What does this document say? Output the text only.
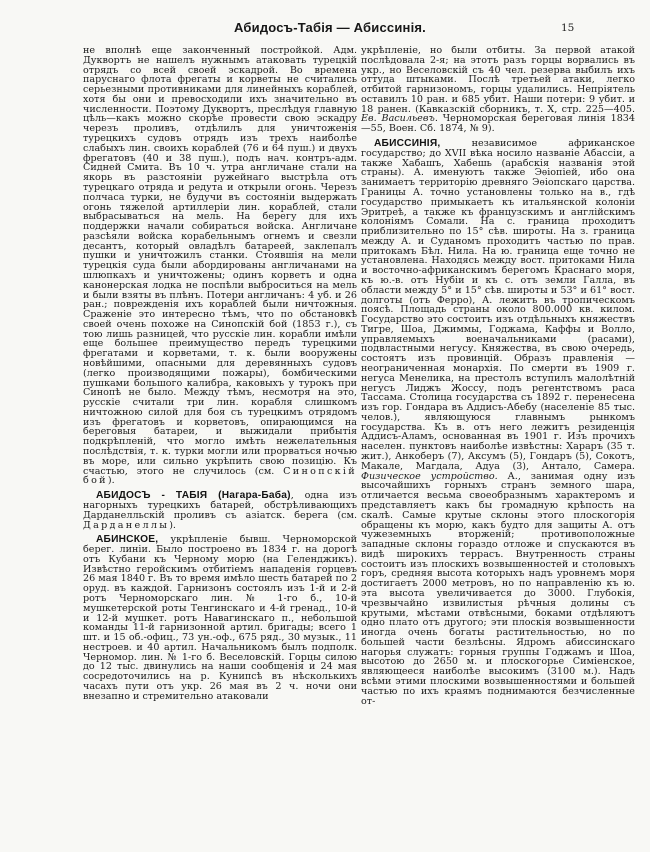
Абидосъ-Табія — Абиссинія.	15

не вполнѣ еще законченный постройкой. Адм. Дуквортъ не нашелъ нужнымъ атаковать турецкій отрядъ со всей своей эскадрой. Во времена паруснаго флота фрегаты и корветы не считались серьезными противниками для линейныхъ кораблей, хотя бы они и превосходили ихъ значительно въ численности. Поэтому Дуквортъ, преслѣдуя главную цѣль—какъ можно скорѣе провести свою эскадру черезъ проливъ, отдѣлилъ для уничтоженія турецкихъ судовъ отрядъ изъ трехъ наиболѣе слабыхъ лин. своихъ кораблей (76 и 64 пуш.) и двухъ фрегатовъ (40 и 38 пуш.), подъ нач. контръ-адм. Сидней Смита. Въ 10 ч. утра англичане стали на якорь въ разстояніи ружейнаго выстрѣла отъ турецкаго отряда и редута и открыли огонь. Черезъ полчаса турки, не будучи въ состояніи выдержать огонь тяжелой артиллеріи лин. кораблей, стали выбрасываться на мель. На берегу для ихъ поддержки начали собираться войска. Англичане разсѣяли войска корабельнымъ огнемъ и свезли десантъ, который овладѣлъ батареей, заклепалъ пушки и уничтожилъ станки. Стоявшія на мели турецкія суда были абордированы англичанами на шлюпкахъ и уничтожены; одинъ корветъ и одна канонерская лодка не поспѣли выброситься на мель и были взяты въ плѣнъ. Потери англичанъ: 4 уб. и 26 ран.; поврежденія ихъ кораблей были ничтожныя. Сраженіе это интересно тѣмъ, что по обстановкѣ своей очень похоже на Синопскій бой (1853 г.), съ тою лишь разницей, что русскіе лин. корабли имѣли еще большее преимущество передъ турецкими фрегатами и корветами, т. к. были вооружены новѣйшими, опасными для деревянныхъ судовъ (легко производящими пожары), бомбическими пушками большого калибра, каковыхъ у турокъ при Синопѣ не было. Между тѣмъ, несмотря на это, русскіе считали три лин. корабля слишкомъ ничтожною силой для боя съ турецкимъ отрядомъ изъ фрегатовъ и корветовъ, опирающимся на береговыя батареи, и выжидали прибытія подкрѣпленій, что могло имѣть нежелательныя послѣдствія, т. к. турки могли или прорваться ночью въ море, или сильно укрѣпить свою позицію. Къ счастью, этого не случилось (см. Синопскій бой).

АБИДОСЪ - ТАБІЯ (Нагара-Баба), одна изъ нагорныхъ турецкихъ батарей, обстрѣливающихъ Дарданелльскій проливъ съ азіатск. берега (см. Дарданеллы).

АБИНСКОЕ, укрѣпленіе бывш. Черноморской берег. линіи. Было построено въ 1834 г. на дорогѣ отъ Кубани къ Черному морю (на Геленджикъ). Извѣстно геройскимъ отбитіемъ нападенія горцевъ 26 мая 1840 г. Въ то время имѣло шесть батарей по 2 оруд. въ каждой. Гарнизонъ состоялъ изъ 1-й и 2-й ротъ Черноморскаго лин. № 1-го б., 10-й мушкетерской роты Тенгинскаго и 4-й гренад., 10-й и 12-й мушкет. ротъ Навагинскаго п., небольшой команды 11-й гарнизонной артил. бригады; всего 1 шт. и 15 об.-офиц., 73 ун.-оф., 675 ряд., 30 музык., 11 нестроев. и 40 артил. Начальникомъ былъ подполк. Черномор. лин. № 1-го б. Веселовскій. Горцы силою до 12 тыс. двинулись на наши сообщенія и 24 мая сосредоточились на р. Кунипсѣ въ нѣсколькихъ часахъ пути отъ укр. 26 мая въ 2 ч. ночи они внезапно и стремительно атаковали

укрѣпленіе, но были отбиты. За первой атакой послѣдовала 2-я; на этотъ разъ горцы ворвались въ укр., но Веселовскій съ 40 чел. резерва выбилъ ихъ оттуда штыками. Послѣ третьей атаки, легко отбитой гарнизономъ, горцы удалились. Непріятель оставилъ 10 ран. и 685 убит. Наши потери: 9 убит. и 18 ранен. (Кавказскій сборникъ, т. X, стр. 225—405. Ев. Васильевъ. Черноморская береговая линія 1834—55, Воен. Сб. 1874, № 9).

АБИССИНІЯ, независимое африканское государство; до XVII вѣка носило названіе Абассіи, а также Хабашъ, Хабешь (арабскія названія этой страны). А. именуютъ также Эѳіопіей, ибо она занимаетъ территорію древняго Эѳіопскаго царства. Границы А. точно установлены только на в., гдѣ государство примыкаетъ къ итальянской колоніи Эритреѣ, а также къ французскимъ и англійскимъ колоніямъ Сомали. На с. граница проходитъ приблизительно по 15° сѣв. широты. На з. граница между А. и Суданомъ проходитъ частью по прав. притокамъ Бѣл. Нила. На ю. граница еще точно не установлена. Находясь между вост. притоками Нила и восточно-африканскимъ берегомъ Краснаго моря, къ ю.-в. отъ Нубіи и къ с. отъ земли Галла, въ области между 5° и 15° сѣв. широты и 53° и 61° вост. долготы (отъ Ферро), А. лежитъ въ тропическомъ поясѣ. Площадь страны около 800.000 кв. килом. Государство это состоитъ изъ отдѣльныхъ княжествъ Тигре, Шоа, Джиммы, Годжама, Каффы и Волло, управляемыхъ военачальниками (расами), подвластными негусу. Княжества, въ свою очередь, состоятъ изъ провинцій. Образъ правленія — неограниченная монархія. По смерти въ 1909 г. негуса Менелика, на престолъ вступилъ малолѣтній негусъ Лиджъ Жоссу, подъ регентствомъ раса Тассама. Столица государства съ 1892 г. перенесена изъ гор. Гондара въ Аддисъ-Абебу (населеніе 85 тыс. челов.), являющуюся главнымъ рынкомъ государства. Къ в. отъ него лежитъ резиденція Аддисъ-Аламъ, основанная въ 1901 г. Изъ прочихъ населен. пунктовъ наиболѣе извѣстны: Хараръ (35 т. жит.), Анкоберъ (7), Аксумъ (5), Гондаръ (5), Сокотъ, Макале, Магдала, Адуа (3), Антало, Самера. Физическое устройство. А., занимая одну изъ высочайшихъ горныхъ странъ земного шара, отличается весьма своеобразнымъ характеромъ и представляетъ какъ бы громадную крѣпость на скалѣ. Самые крутые склоны этого плоскогорія обращены къ морю, какъ будто для защиты А. отъ чужеземныхъ вторженій; противоположные западные склоны гораздо отложе и спускаются въ видѣ широкихъ террасъ. Внутренность страны состоитъ изъ плоскихъ возвышенностей и столовыхъ горъ, средняя высота которыхъ надъ уровнемъ моря достигаетъ 2000 метровъ, но по направленію къ ю. эта высота увеличивается до 3000. Глубокія, чрезвычайно извилистыя рѣчныя долины съ крутыми, мѣстами отвѣсными, боками отдѣляютъ одно плато отъ другого; эти плоскія возвышенности иногда очень богаты растительностью, но по большей части безлѣсны. Ядромъ абиссинскаго нагорья служатъ: горныя группы Годжамъ и Шоа, высотою до 2650 м. и плоскогорье Симіенское, являющееся наиболѣе высокимъ (3100 м.). Надъ всѣми этими плоскими возвышенностями и большей частью по ихъ краямъ поднимаются безчисленные от-
